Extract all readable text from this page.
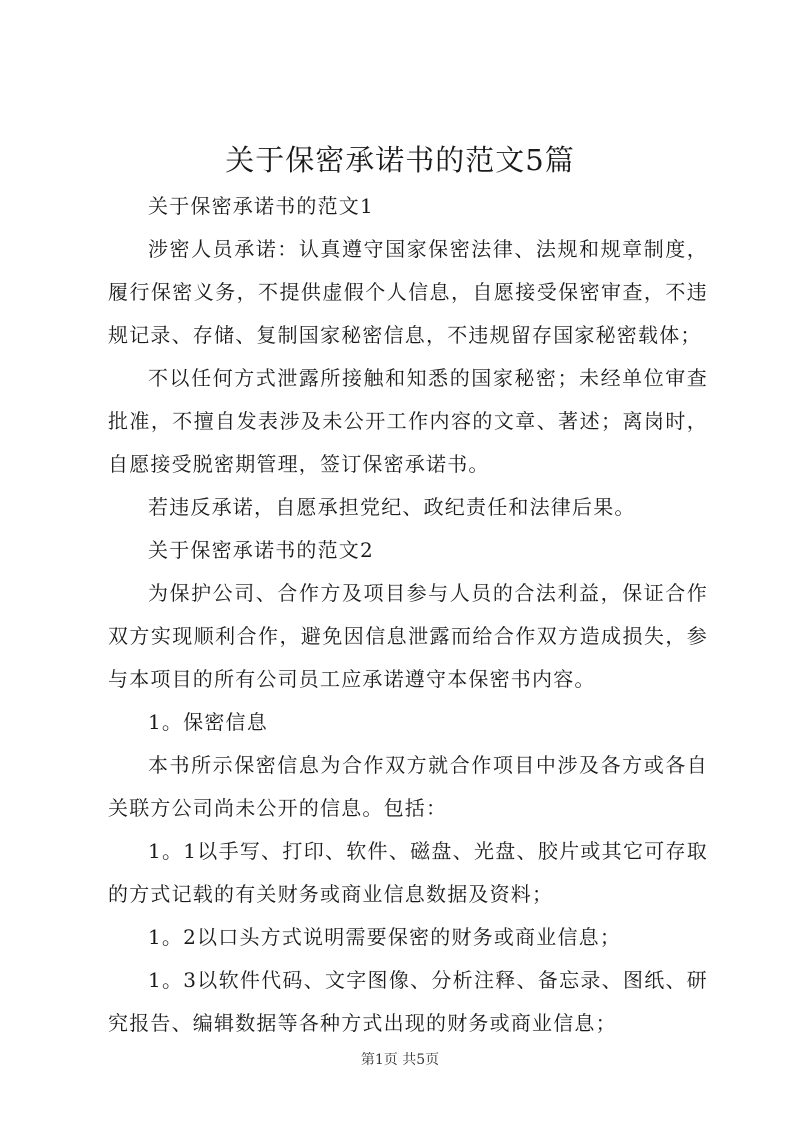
关于保密承诺书的范文5篇

关于保密承诺书的范文1

涉密人员承诺：认真遵守国家保密法律、法规和规章制度，履行保密义务，不提供虚假个人信息，自愿接受保密审查，不违规记录、存储、复制国家秘密信息，不违规留存国家秘密载体；

不以任何方式泄露所接触和知悉的国家秘密；未经单位审查批准，不擅自发表涉及未公开工作内容的文章、著述；离岗时，自愿接受脱密期管理，签订保密承诺书。

若违反承诺，自愿承担党纪、政纪责任和法律后果。

关于保密承诺书的范文2

为保护公司、合作方及项目参与人员的合法利益，保证合作双方实现顺利合作，避免因信息泄露而给合作双方造成损失，参与本项目的所有公司员工应承诺遵守本保密书内容。

1。保密信息

本书所示保密信息为合作双方就合作项目中涉及各方或各自关联方公司尚未公开的信息。包括：

1。1以手写、打印、软件、磁盘、光盘、胶片或其它可存取的方式记载的有关财务或商业信息数据及资料；

1。2以口头方式说明需要保密的财务或商业信息；

1。3以软件代码、文字图像、分析注释、备忘录、图纸、研究报告、编辑数据等各种方式出现的财务或商业信息；

第1页 共5页
